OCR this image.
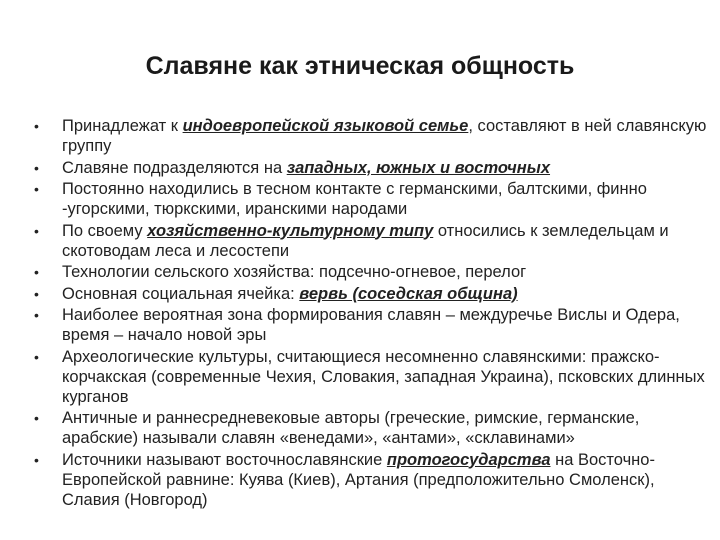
Славяне как этническая общность
• Принадлежат к индоевропейской языковой семье, составляют в ней славянскую группу
• Славяне подразделяются на западных, южных и восточных
• Постоянно находились в тесном контакте с германскими, балтскими, финно -угорскими, тюркскими, иранскими народами
• По своему хозяйственно-культурному типу относились к земледельцам и скотоводам леса и лесостепи
• Технологии сельского хозяйства: подсечно-огневое, перелог
• Основная социальная ячейка: вервь (соседская община)
• Наиболее вероятная зона формирования славян – междуречье Вислы и Одера, время – начало новой эры
• Археологические культуры, считающиеся несомненно славянскими: пражско-корчакская (современные Чехия, Словакия, западная Украина), псковских длинных курганов
• Античные и раннесредневековые авторы (греческие, римские, германские, арабские) называли славян «венедами», «антами», «склавинами»
• Источники называют восточнославянские протогосударства на Восточно-Европейской равнине: Куява (Киев), Артания (предположительно Смоленск), Славия (Новгород)
